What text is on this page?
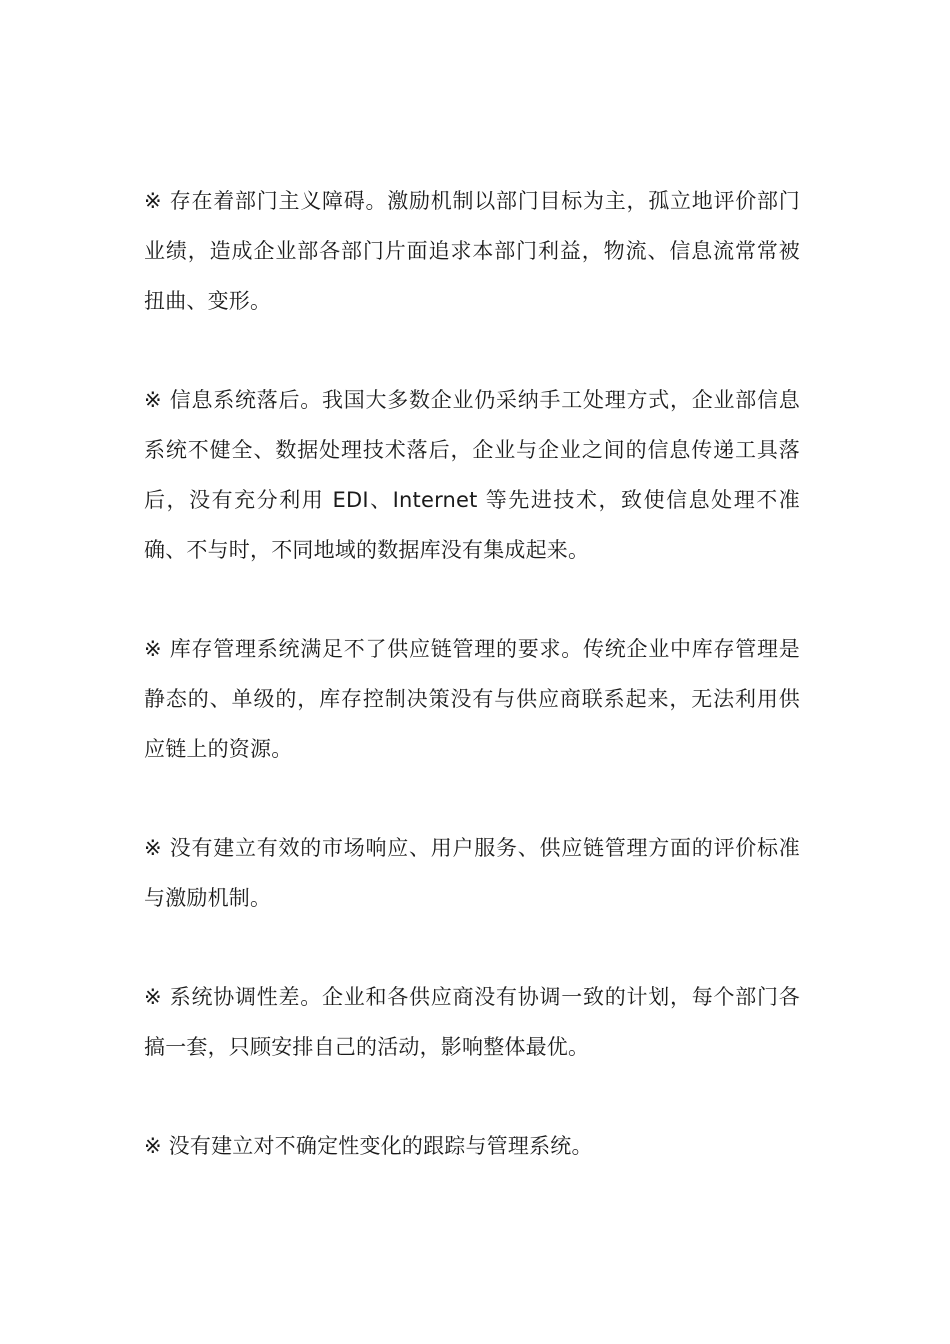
※ 存在着部门主义障碍。激励机制以部门目标为主，孤立地评价部门业绩，造成企业部各部门片面追求本部门利益，物流、信息流常常被扭曲、变形。

※ 信息系统落后。我国大多数企业仍采纳手工处理方式，企业部信息系统不健全、数据处理技术落后，企业与企业之间的信息传递工具落后，没有充分利用 EDI、Internet 等先进技术，致使信息处理不准确、不与时，不同地域的数据库没有集成起来。

※ 库存管理系统满足不了供应链管理的要求。传统企业中库存管理是静态的、单级的，库存控制决策没有与供应商联系起来，无法利用供应链上的资源。

※ 没有建立有效的市场响应、用户服务、供应链管理方面的评价标准与激励机制。

※ 系统协调性差。企业和各供应商没有协调一致的计划，每个部门各搞一套，只顾安排自己的活动，影响整体最优。

※ 没有建立对不确定性变化的跟踪与管理系统。
